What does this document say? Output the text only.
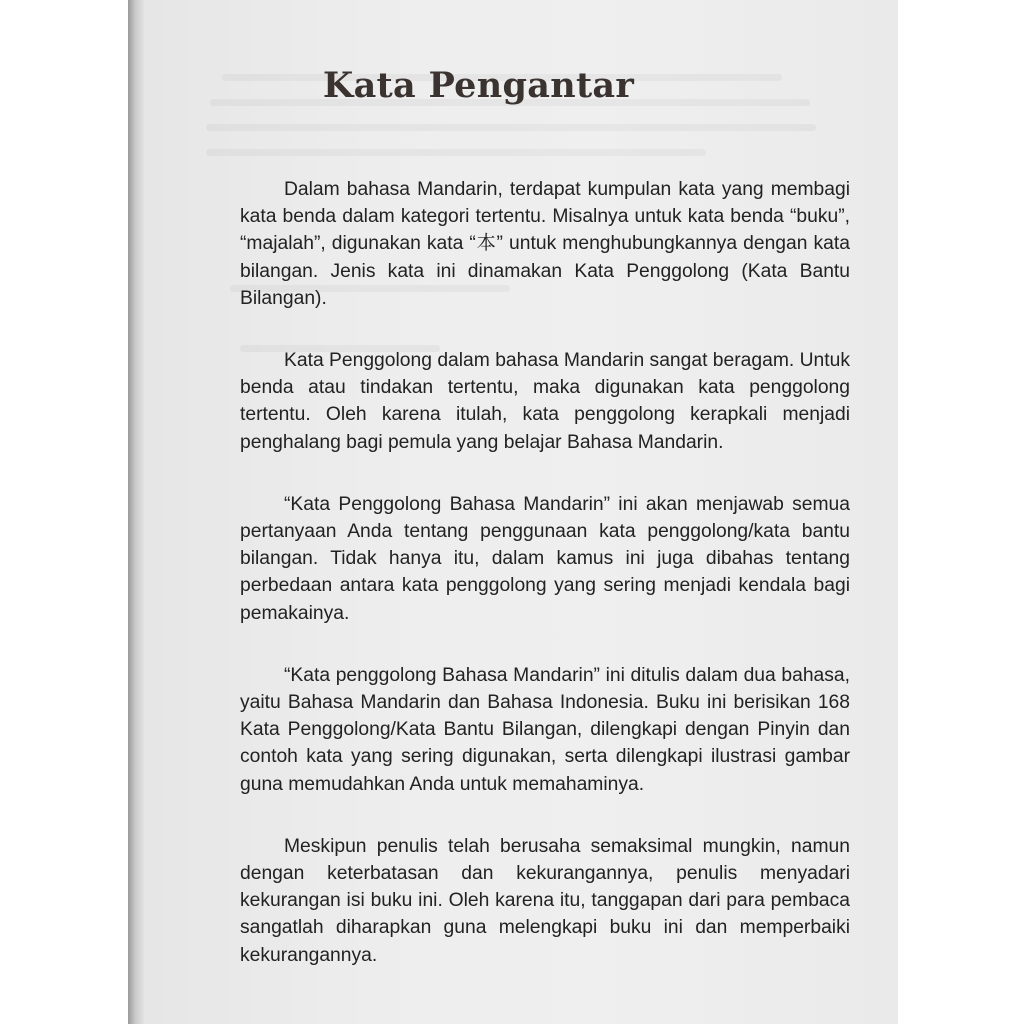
Kata Pengantar

Dalam bahasa Mandarin, terdapat kumpulan kata yang membagi kata benda dalam kategori tertentu. Misalnya untuk kata benda “buku”, “majalah”, digunakan kata “本” untuk menghubungkannya dengan kata bilangan. Jenis kata ini dinamakan Kata Penggolong (Kata Bantu Bilangan).

Kata Penggolong dalam bahasa Mandarin sangat beragam. Untuk benda atau tindakan tertentu, maka digunakan kata penggolong tertentu. Oleh karena itulah, kata penggolong kerapkali menjadi penghalang bagi pemula yang belajar Bahasa Mandarin.

“Kata Penggolong Bahasa Mandarin” ini akan menjawab semua pertanyaan Anda tentang penggunaan kata penggolong/kata bantu bilangan. Tidak hanya itu, dalam kamus ini juga dibahas tentang perbedaan antara kata penggolong yang sering menjadi kendala bagi pemakainya.

“Kata penggolong Bahasa Mandarin” ini ditulis dalam dua bahasa, yaitu Bahasa Mandarin dan Bahasa Indonesia. Buku ini berisikan 168 Kata Penggolong/Kata Bantu Bilangan, dilengkapi dengan Pinyin dan contoh kata yang sering digunakan, serta dilengkapi ilustrasi gambar guna memudahkan Anda untuk memahaminya.

Meskipun penulis telah berusaha semaksimal mungkin, namun dengan keterbatasan dan kekurangannya, penulis menyadari kekurangan isi buku ini. Oleh karena itu, tanggapan dari para pembaca sangatlah diharapkan guna melengkapi buku ini dan memperbaiki kekurangannya.
